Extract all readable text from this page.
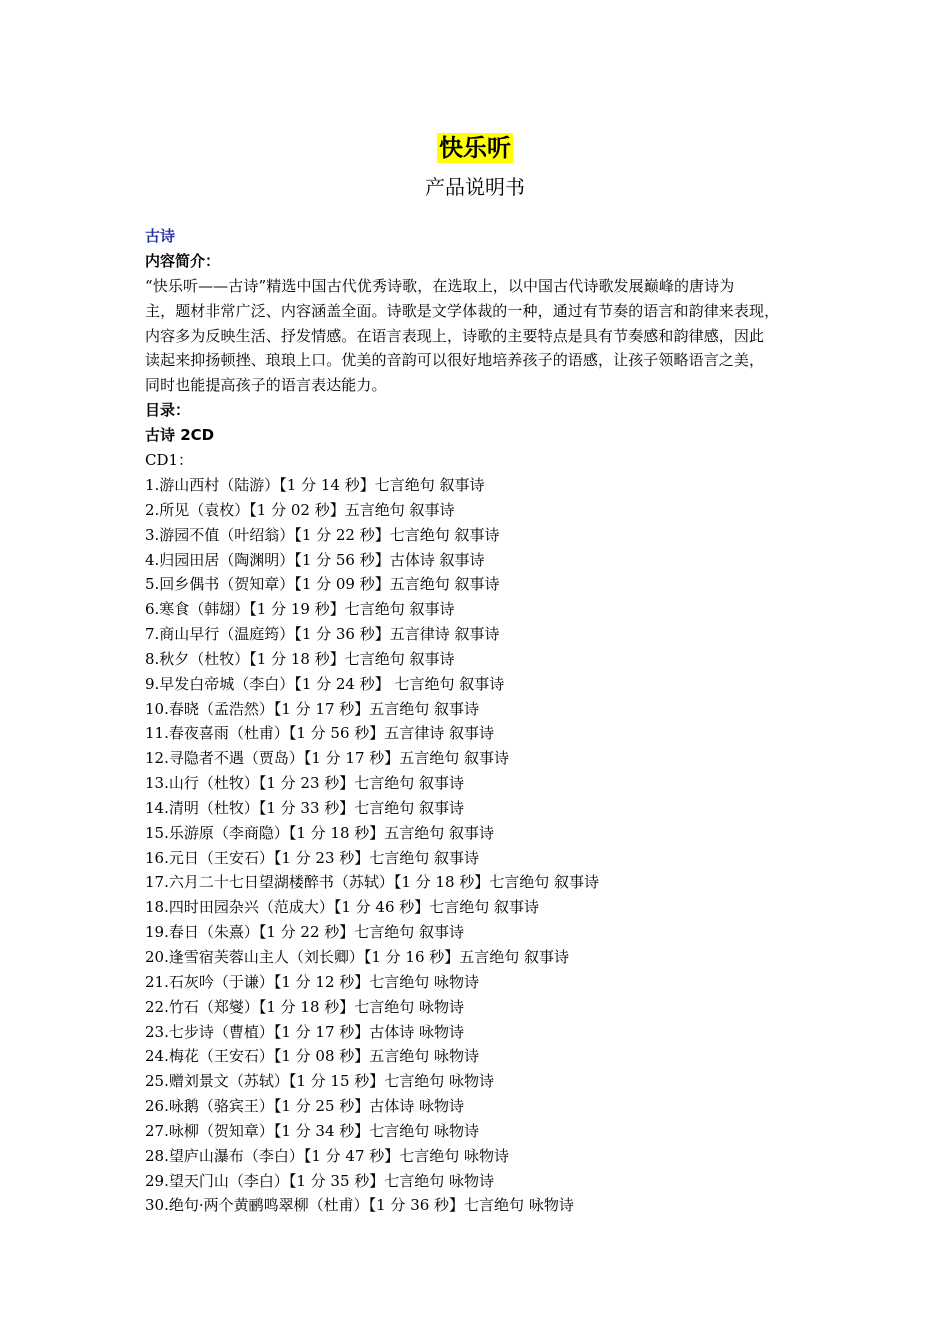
快乐听
产品说明书
古诗
内容简介：
“快乐听——古诗”精选中国古代优秀诗歌，在选取上，以中国古代诗歌发展巅峰的唐诗为
主，题材非常广泛、内容涵盖全面。诗歌是文学体裁的一种，通过有节奏的语言和韵律来表现，
内容多为反映生活、抒发情感。在语言表现上，诗歌的主要特点是具有节奏感和韵律感，因此
读起来抑扬顿挫、琅琅上口。优美的音韵可以很好地培养孩子的语感，让孩子领略语言之美，
同时也能提高孩子的语言表达能力。
目录：
古诗 2CD
CD1：
1.游山西村（陆游）【1 分 14 秒】七言绝句 叙事诗
2.所见（袁枚）【1 分 02 秒】五言绝句 叙事诗
3.游园不值（叶绍翁）【1 分 22 秒】七言绝句 叙事诗
4.归园田居（陶渊明）【1 分 56 秒】古体诗 叙事诗
5.回乡偶书（贺知章）【1 分 09 秒】五言绝句 叙事诗
6.寒食（韩翃）【1 分 19 秒】七言绝句 叙事诗
7.商山早行（温庭筠）【1 分 36 秒】五言律诗 叙事诗
8.秋夕（杜牧）【1 分 18 秒】七言绝句 叙事诗
9.早发白帝城（李白）【1 分 24 秒】 七言绝句 叙事诗
10.春晓（孟浩然）【1 分 17 秒】五言绝句 叙事诗
11.春夜喜雨（杜甫）【1 分 56 秒】五言律诗 叙事诗
12.寻隐者不遇（贾岛）【1 分 17 秒】五言绝句 叙事诗
13.山行（杜牧）【1 分 23 秒】七言绝句 叙事诗
14.清明（杜牧）【1 分 33 秒】七言绝句 叙事诗
15.乐游原（李商隐）【1 分 18 秒】五言绝句 叙事诗
16.元日（王安石）【1 分 23 秒】七言绝句 叙事诗
17.六月二十七日望湖楼醉书（苏轼）【1 分 18 秒】七言绝句 叙事诗
18.四时田园杂兴（范成大）【1 分 46 秒】七言绝句 叙事诗
19.春日（朱熹）【1 分 22 秒】七言绝句 叙事诗
20.逢雪宿芙蓉山主人（刘长卿）【1 分 16 秒】五言绝句 叙事诗
21.石灰吟（于谦）【1 分 12 秒】七言绝句 咏物诗
22.竹石（郑燮）【1 分 18 秒】七言绝句 咏物诗
23.七步诗（曹植）【1 分 17 秒】古体诗 咏物诗
24.梅花（王安石）【1 分 08 秒】五言绝句 咏物诗
25.赠刘景文（苏轼）【1 分 15 秒】七言绝句 咏物诗
26.咏鹅（骆宾王）【1 分 25 秒】古体诗 咏物诗
27.咏柳（贺知章）【1 分 34 秒】七言绝句 咏物诗
28.望庐山瀑布（李白）【1 分 47 秒】七言绝句 咏物诗
29.望天门山（李白）【1 分 35 秒】七言绝句 咏物诗
30.绝句·两个黄鹂鸣翠柳（杜甫）【1 分 36 秒】七言绝句 咏物诗
